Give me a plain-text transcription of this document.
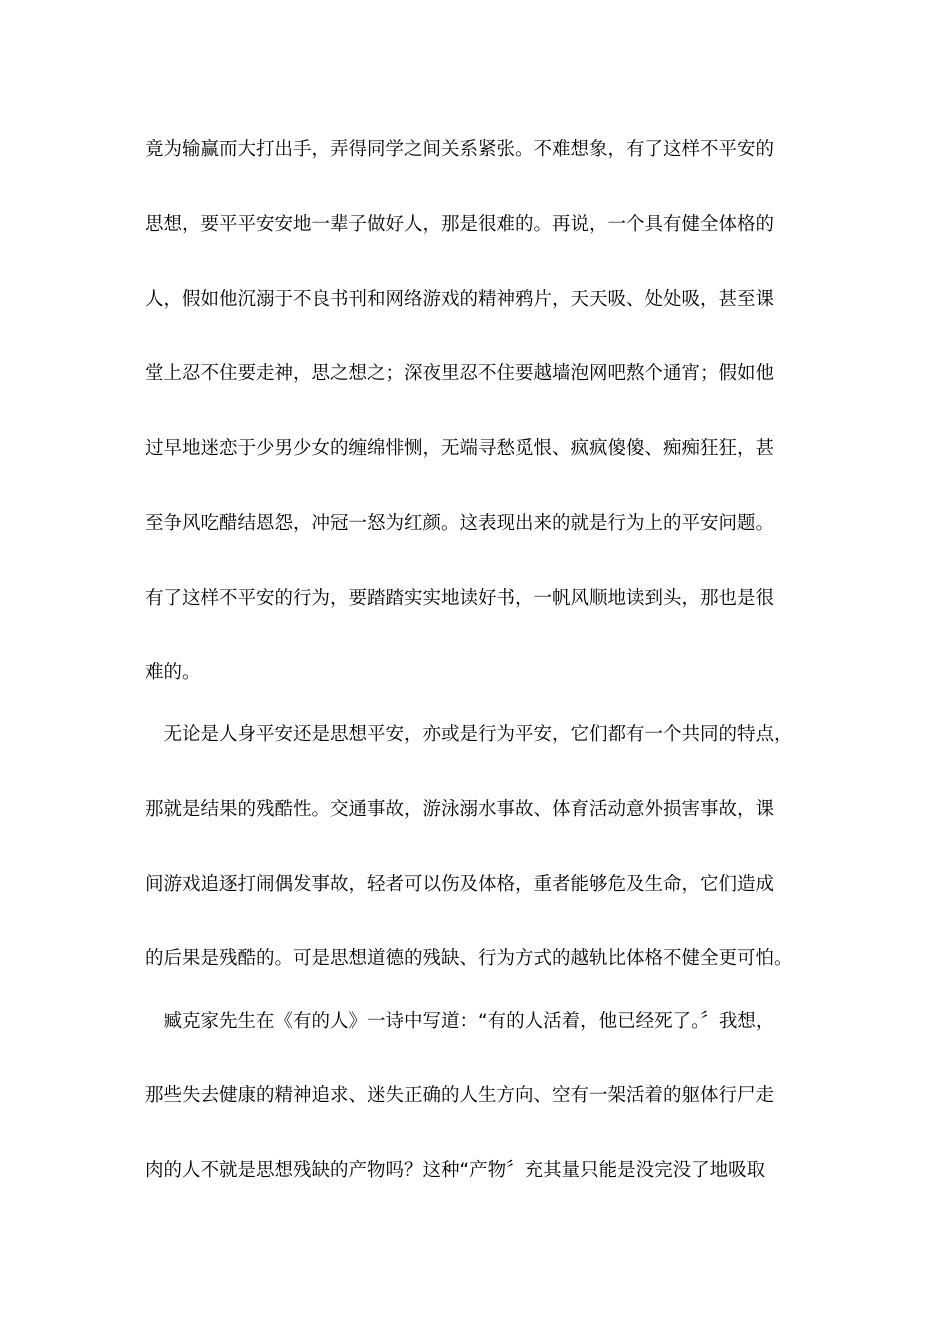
竟为输赢而大打出手，弄得同学之间关系紧张。不难想象，有了这样不平安的
思想，要平平安安地一辈子做好人，那是很难的。再说，一个具有健全体格的
人，假如他沉溺于不良书刊和网络游戏的精神鸦片，天天吸、处处吸，甚至课
堂上忍不住要走神，思之想之；深夜里忍不住要越墙泡网吧熬个通宵；假如他
过早地迷恋于少男少女的缠绵悱恻，无端寻愁觅恨、疯疯傻傻、痴痴狂狂，甚
至争风吃醋结恩怨，冲冠一怒为红颜。这表现出来的就是行为上的平安问题。
有了这样不平安的行为，要踏踏实实地读好书，一帆风顺地读到头，那也是很
难的。
　无论是人身平安还是思想平安，亦或是行为平安，它们都有一个共同的特点，
那就是结果的残酷性。交通事故，游泳溺水事故、体育活动意外损害事故，课
间游戏追逐打闹偶发事故，轻者可以伤及体格，重者能够危及生命，它们造成
的后果是残酷的。可是思想道德的残缺、行为方式的越轨比体格不健全更可怕。
　臧克家先生在《有的人》一诗中写道：“有的人活着，他已经死了。〞我想，
那些失去健康的精神追求、迷失正确的人生方向、空有一架活着的躯体行尸走
肉的人不就是思想残缺的产物吗？这种“产物〞充其量只能是没完没了地吸取
